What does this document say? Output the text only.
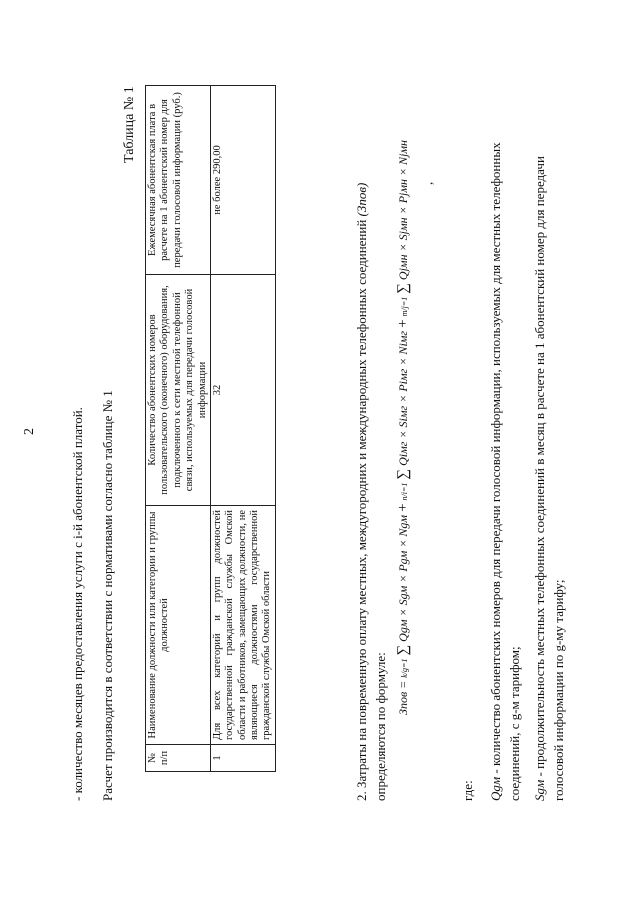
2	- количество месяцев предоставления услуги с i-й абонентской платой. Расчет производится в соответствии с нормативами согласно таблице № 1
Таблица № 1
№ п/п	Наименование должности или категории и группы должностей	Количество абонентских номеров пользовательского (оконечного) оборудования, подключенного к сети местной телефонной связи, используемых для передачи голосовой информации	Ежемесячная абонентская плата в расчете на 1 абонентский номер для передачи голосовой информации (руб.)
1	Для всех категорий и групп должностей государственной гражданской службы Омской области и работников, замещающих должности, не являющиеся должностями государственной гражданской службы Омской области	32	не более 290,00
2. Затраты на повременную оплату местных, междугородних и международных телефонных соединений (Зпов) определяются по формуле: Зпов = k/g=1 ∑ Qgм × Sgм × Pgм × Ngм + n/i=1 ∑ Qiмг × Siмг × Piмг × Niмг + m/j=1 ∑ Qjмн × Sjмн × Pjмн × Njмн ,
где: Qgм - количество абонентских номеров для передачи голосовой информации, используемых для местных телефонных соединений, с g-м тарифом; Sgм - продолжительность местных телефонных соединений в месяц в расчете на 1 абонентский номер для передачи голосовой информации по g-му тарифу;
